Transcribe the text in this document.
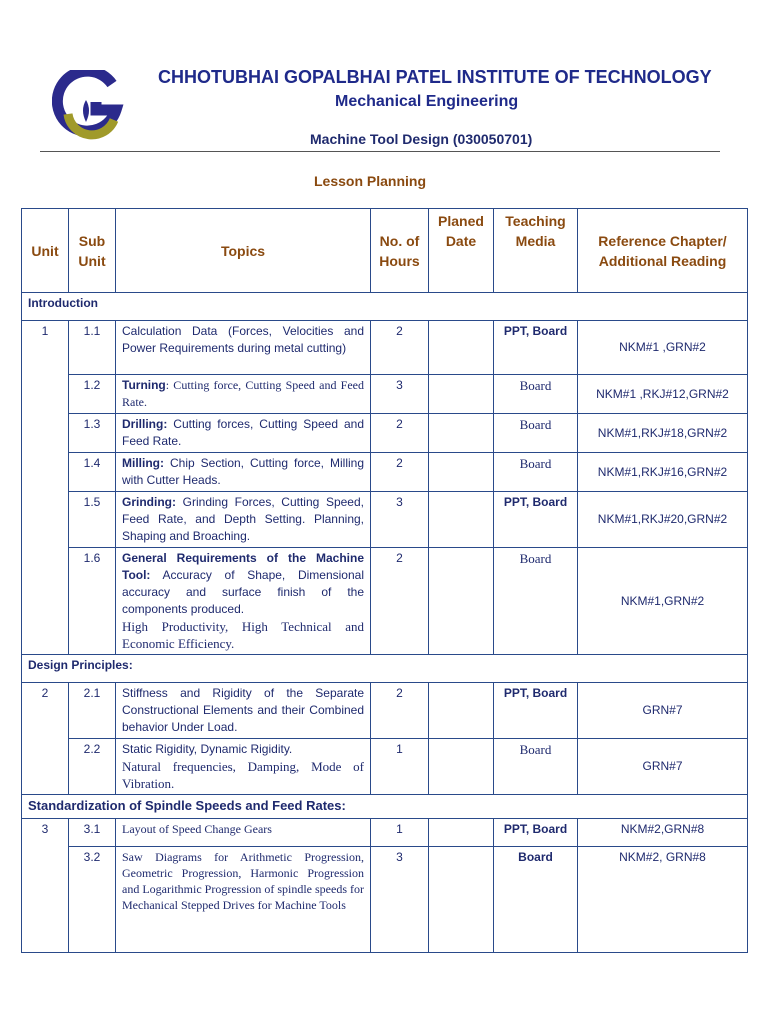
CHHOTUBHAI GOPALBHAI PATEL INSTITUTE OF TECHNOLOGY
Mechanical Engineering
Machine Tool Design (030050701)
Lesson Planning
Unit	Sub Unit	Topics	No. of Hours	Planed Date	Teaching Media	Reference Chapter/ Additional Reading
Introduction						
1	1.1	Calculation Data (Forces, Velocities and Power Requirements during metal cutting)	2		PPT, Board	NKM#1 ,GRN#2
	1.2	Turning: Cutting force, Cutting Speed and Feed Rate.	3		Board	NKM#1 ,RKJ#12,GRN#2
	1.3	Drilling: Cutting forces, Cutting Speed and Feed Rate.	2		Board	NKM#1,RKJ#18,GRN#2
	1.4	Milling: Chip Section, Cutting force, Milling with Cutter Heads.	2		Board	NKM#1,RKJ#16,GRN#2
	1.5	Grinding: Grinding Forces, Cutting Speed, Feed Rate, and Depth Setting. Planning, Shaping and Broaching.	3		PPT, Board	NKM#1,RKJ#20,GRN#2
	1.6	General Requirements of the Machine Tool: Accuracy of Shape, Dimensional accuracy and surface finish of the components produced.
High Productivity, High Technical and Economic Efficiency.	2		Board	NKM#1,GRN#2
Design Principles:						
2	2.1	Stiffness and Rigidity of the Separate Constructional Elements and their Combined behavior Under Load.	2		PPT, Board	GRN#7
	2.2	Static Rigidity, Dynamic Rigidity.
Natural frequencies, Damping, Mode of Vibration.	1		Board	GRN#7
Standardization of Spindle Speeds and Feed Rates:						
3	3.1	Layout of Speed Change Gears	1		PPT, Board	NKM#2,GRN#8
	3.2	Saw Diagrams for Arithmetic Progression, Geometric Progression, Harmonic Progression and Logarithmic Progression of spindle speeds for Mechanical Stepped Drives for Machine Tools	3		Board	NKM#2, GRN#8
